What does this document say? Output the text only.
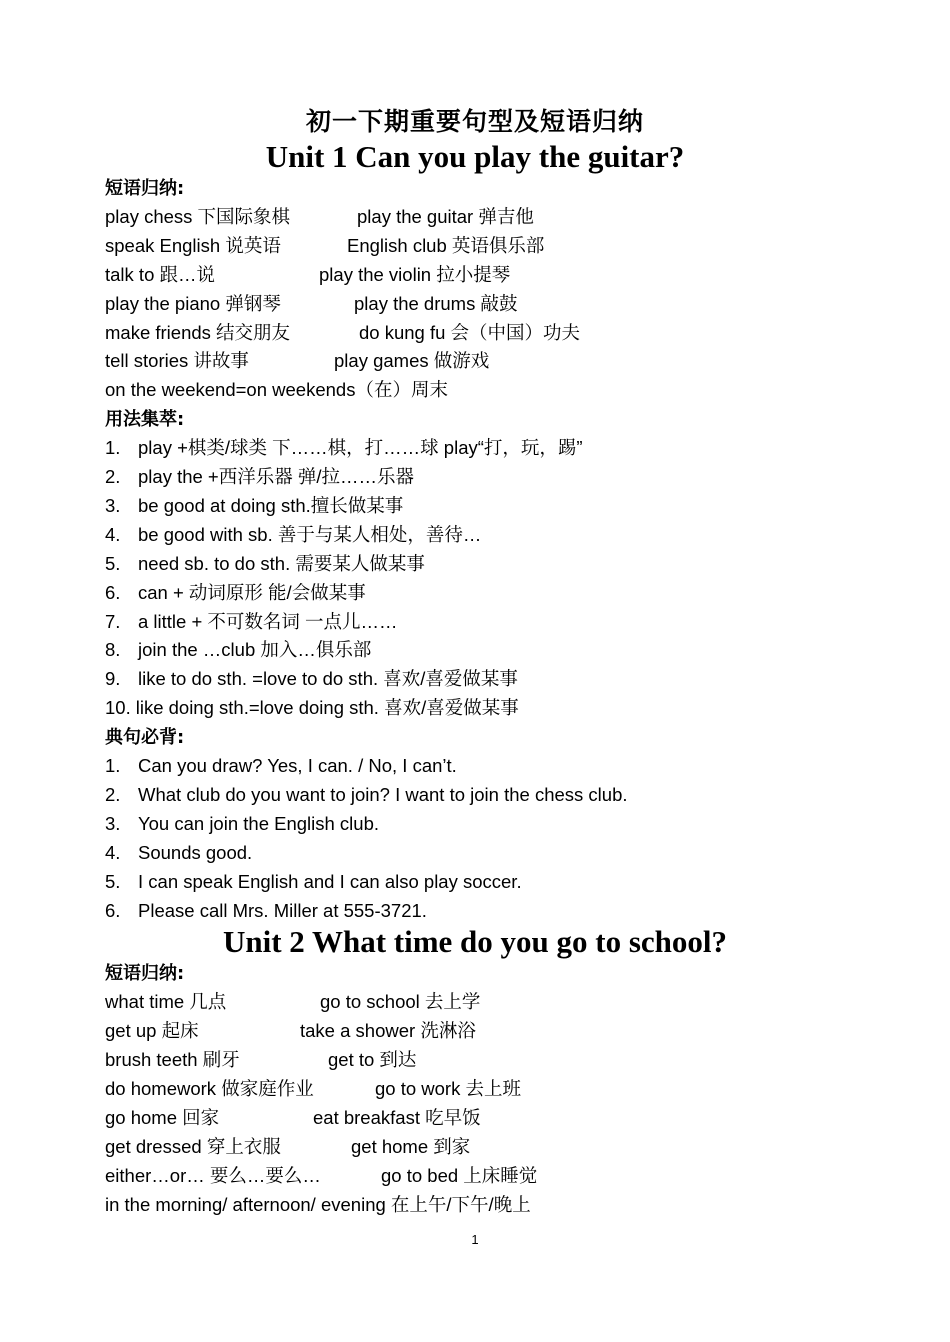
初一下期重要句型及短语归纳
Unit 1 Can you play the guitar?
短语归纳:
play chess 下国际象棋	play the guitar 弹吉他
speak English 说英语	English club 英语俱乐部
talk to 跟…说	play the violin 拉小提琴
play the piano 弹钢琴	play the drums 敲鼓
make friends 结交朋友	do kung fu 会（中国）功夫
tell stories 讲故事	play games 做游戏
on the weekend=on weekends（在）周末
用法集萃:
1. play +棋类/球类 下……棋，打……球 play“打，玩，踢”
2. play the +西洋乐器 弹/拉……乐器
3. be good at doing sth.擅长做某事
4. be good with sb. 善于与某人相处，善待…
5. need sb. to do sth. 需要某人做某事
6. can + 动词原形 能/会做某事
7. a little + 不可数名词 一点儿……
8. join the …club 加入…俱乐部
9. like to do sth. =love to do sth. 喜欢/喜爱做某事
10. like doing sth.=love doing sth. 喜欢/喜爱做某事
典句必背:
1. Can you draw? Yes, I can. / No, I can’t.
2. What club do you want to join? I want to join the chess club.
3. You can join the English club.
4. Sounds good.
5. I can speak English and I can also play soccer.
6. Please call Mrs. Miller at 555-3721.
Unit 2 What time do you go to school?
短语归纳:
what time 几点	go to school 去上学
get up 起床	take a shower 洗淋浴
brush teeth 刷牙	get to 到达
do homework 做家庭作业	go to work 去上班
go home 回家	eat breakfast 吃早饭
get dressed 穿上衣服	get home 到家
either…or… 要么…要么…	go to bed 上床睡觉
in the morning/ afternoon/ evening 在上午/下午/晚上
1
